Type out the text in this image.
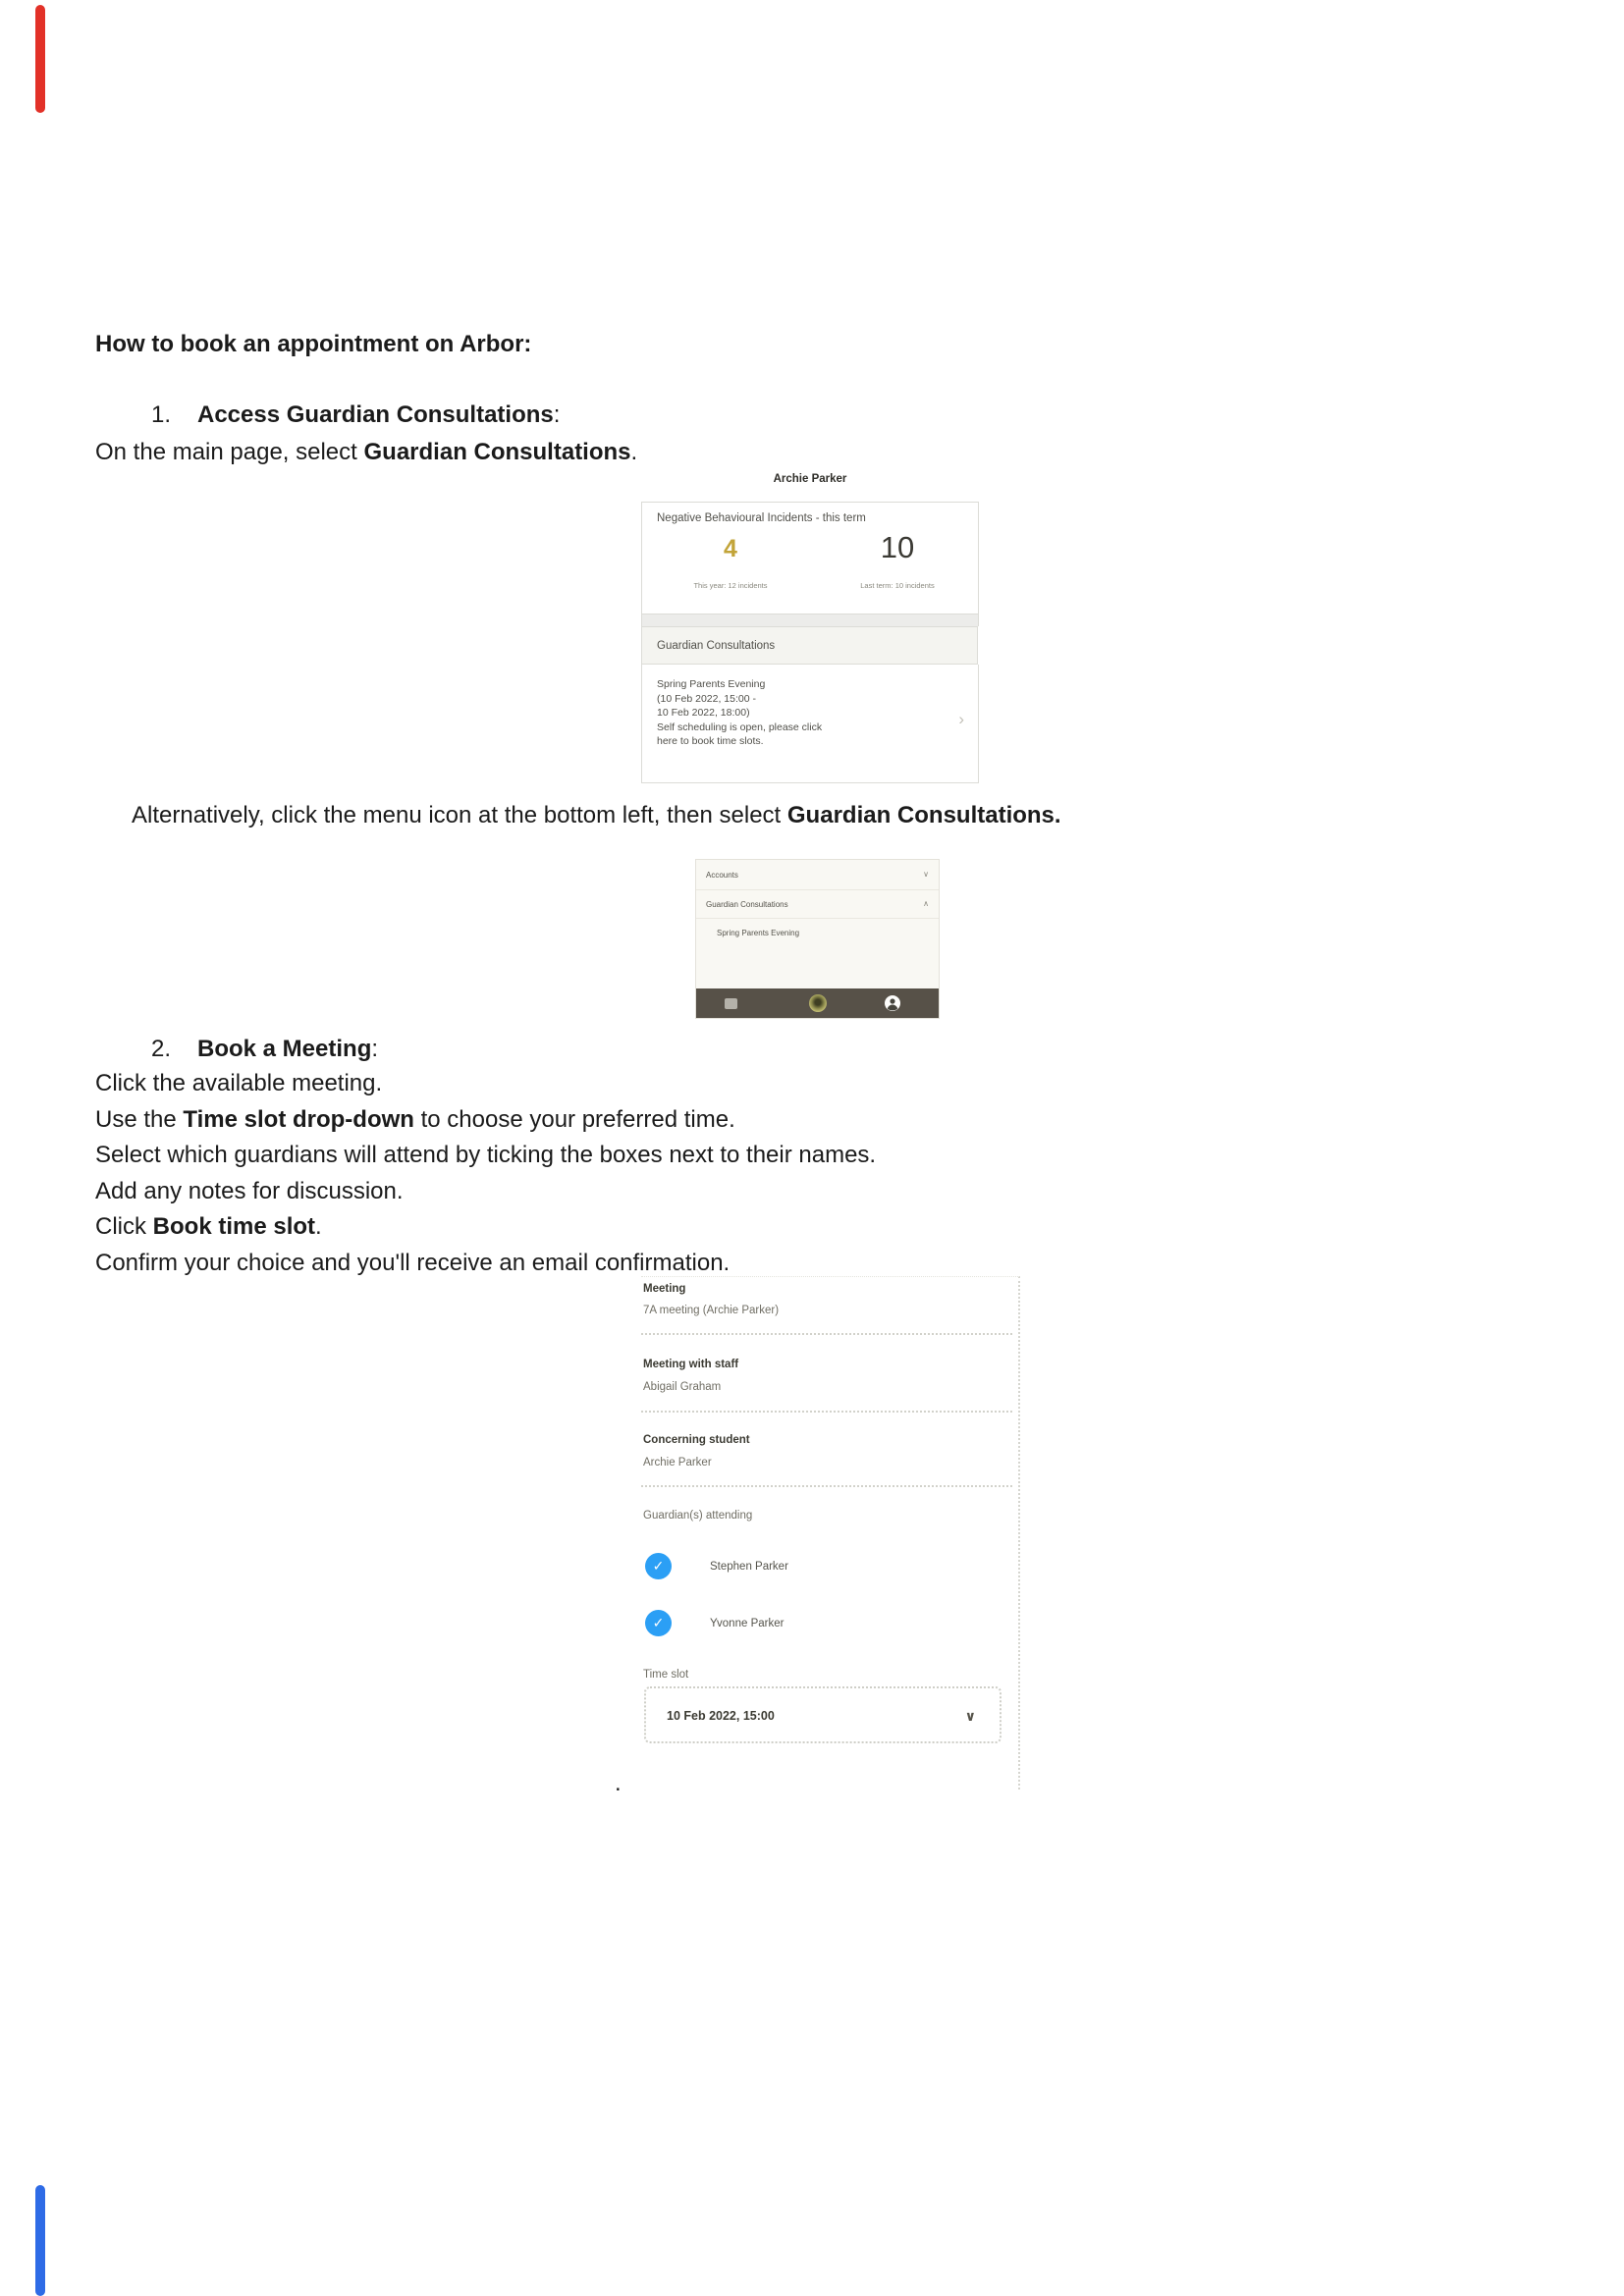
How to book an appointment on Arbor:
1. Access Guardian Consultations:
On the main page, select Guardian Consultations.
Archie Parker
Negative Behavioural Incidents - this term
4
This year: 12 incidents
10
Last term: 10 incidents
Guardian Consultations
Spring Parents Evening
(10 Feb 2022, 15:00 -
10 Feb 2022, 18:00)
Self scheduling is open, please click
here to book time slots.
›
Alternatively, click the menu icon at the bottom left, then select Guardian Consultations.
Accounts	∨
Guardian Consultations	∧
Spring Parents Evening
2. Book a Meeting:
Click the available meeting.
Use the Time slot drop-down to choose your preferred time.
Select which guardians will attend by ticking the boxes next to their names.
Add any notes for discussion.
Click Book time slot.
Confirm your choice and you'll receive an email confirmation.
Meeting
7A meeting (Archie Parker)
Meeting with staff
Abigail Graham
Concerning student
Archie Parker
Guardian(s) attending
✓	Stephen Parker
✓	Yvonne Parker
Time slot
10 Feb 2022, 15:00	∨
.
